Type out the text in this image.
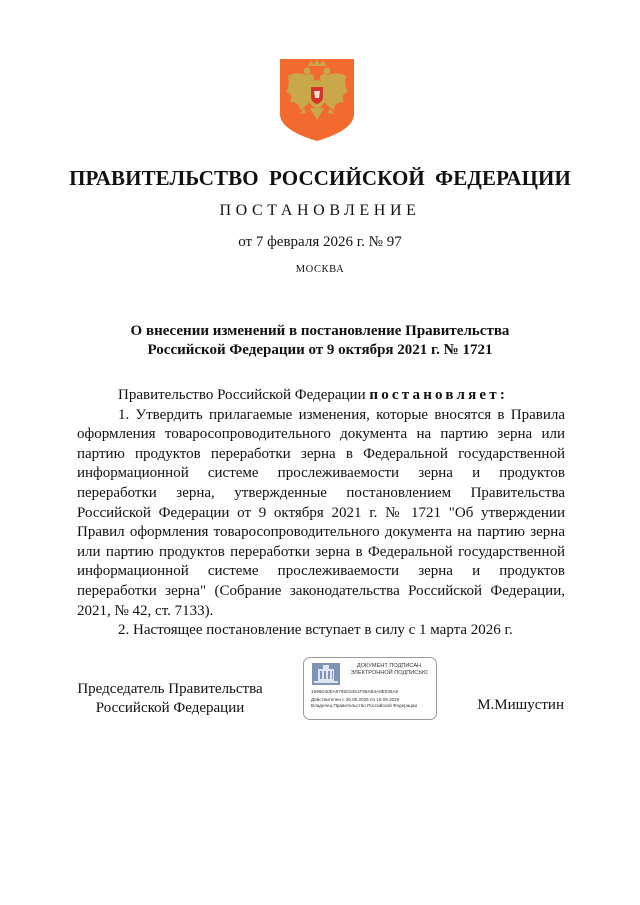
ПРАВИТЕЛЬСТВО РОССИЙСКОЙ ФЕДЕРАЦИИ
ПОСТАНОВЛЕНИЕ
от 7 февраля 2026 г. № 97
МОСКВА
О внесении изменений в постановление Правительства
Российской Федерации от 9 октября 2021 г. № 1721

Правительство Российской Федерации постановляет:

1. Утвердить прилагаемые изменения, которые вносятся в Правила оформления товаросопроводительного документа на партию зерна или партию продуктов переработки зерна в Федеральной государственной информационной системе прослеживаемости зерна и продуктов переработки зерна, утвержденные постановлением Правительства Российской Федерации от 9 октября 2021 г. № 1721 "Об утверждении Правил оформления товаросопроводительного документа на партию зерна или партию продуктов переработки зерна в Федеральной государственной информационной системе прослеживаемости зерна и продуктов переработки зерна" (Собрание законодательства Российской Федерации, 2021, № 42, ст. 7133).

2. Настоящее постановление вступает в силу с 1 марта 2026 г.

Председатель Правительства
Российской Федерации
ДОКУМЕНТ ПОДПИСАН
ЭЛЕКТРОННОЙ ПОДПИСЬЮ
1696D40EA9795C5451F98AB4A8E038A9
Действителен с 26.06.2025 по 19.09.2026
Владелец Правительство Российской Федерации	М.Мишустин
